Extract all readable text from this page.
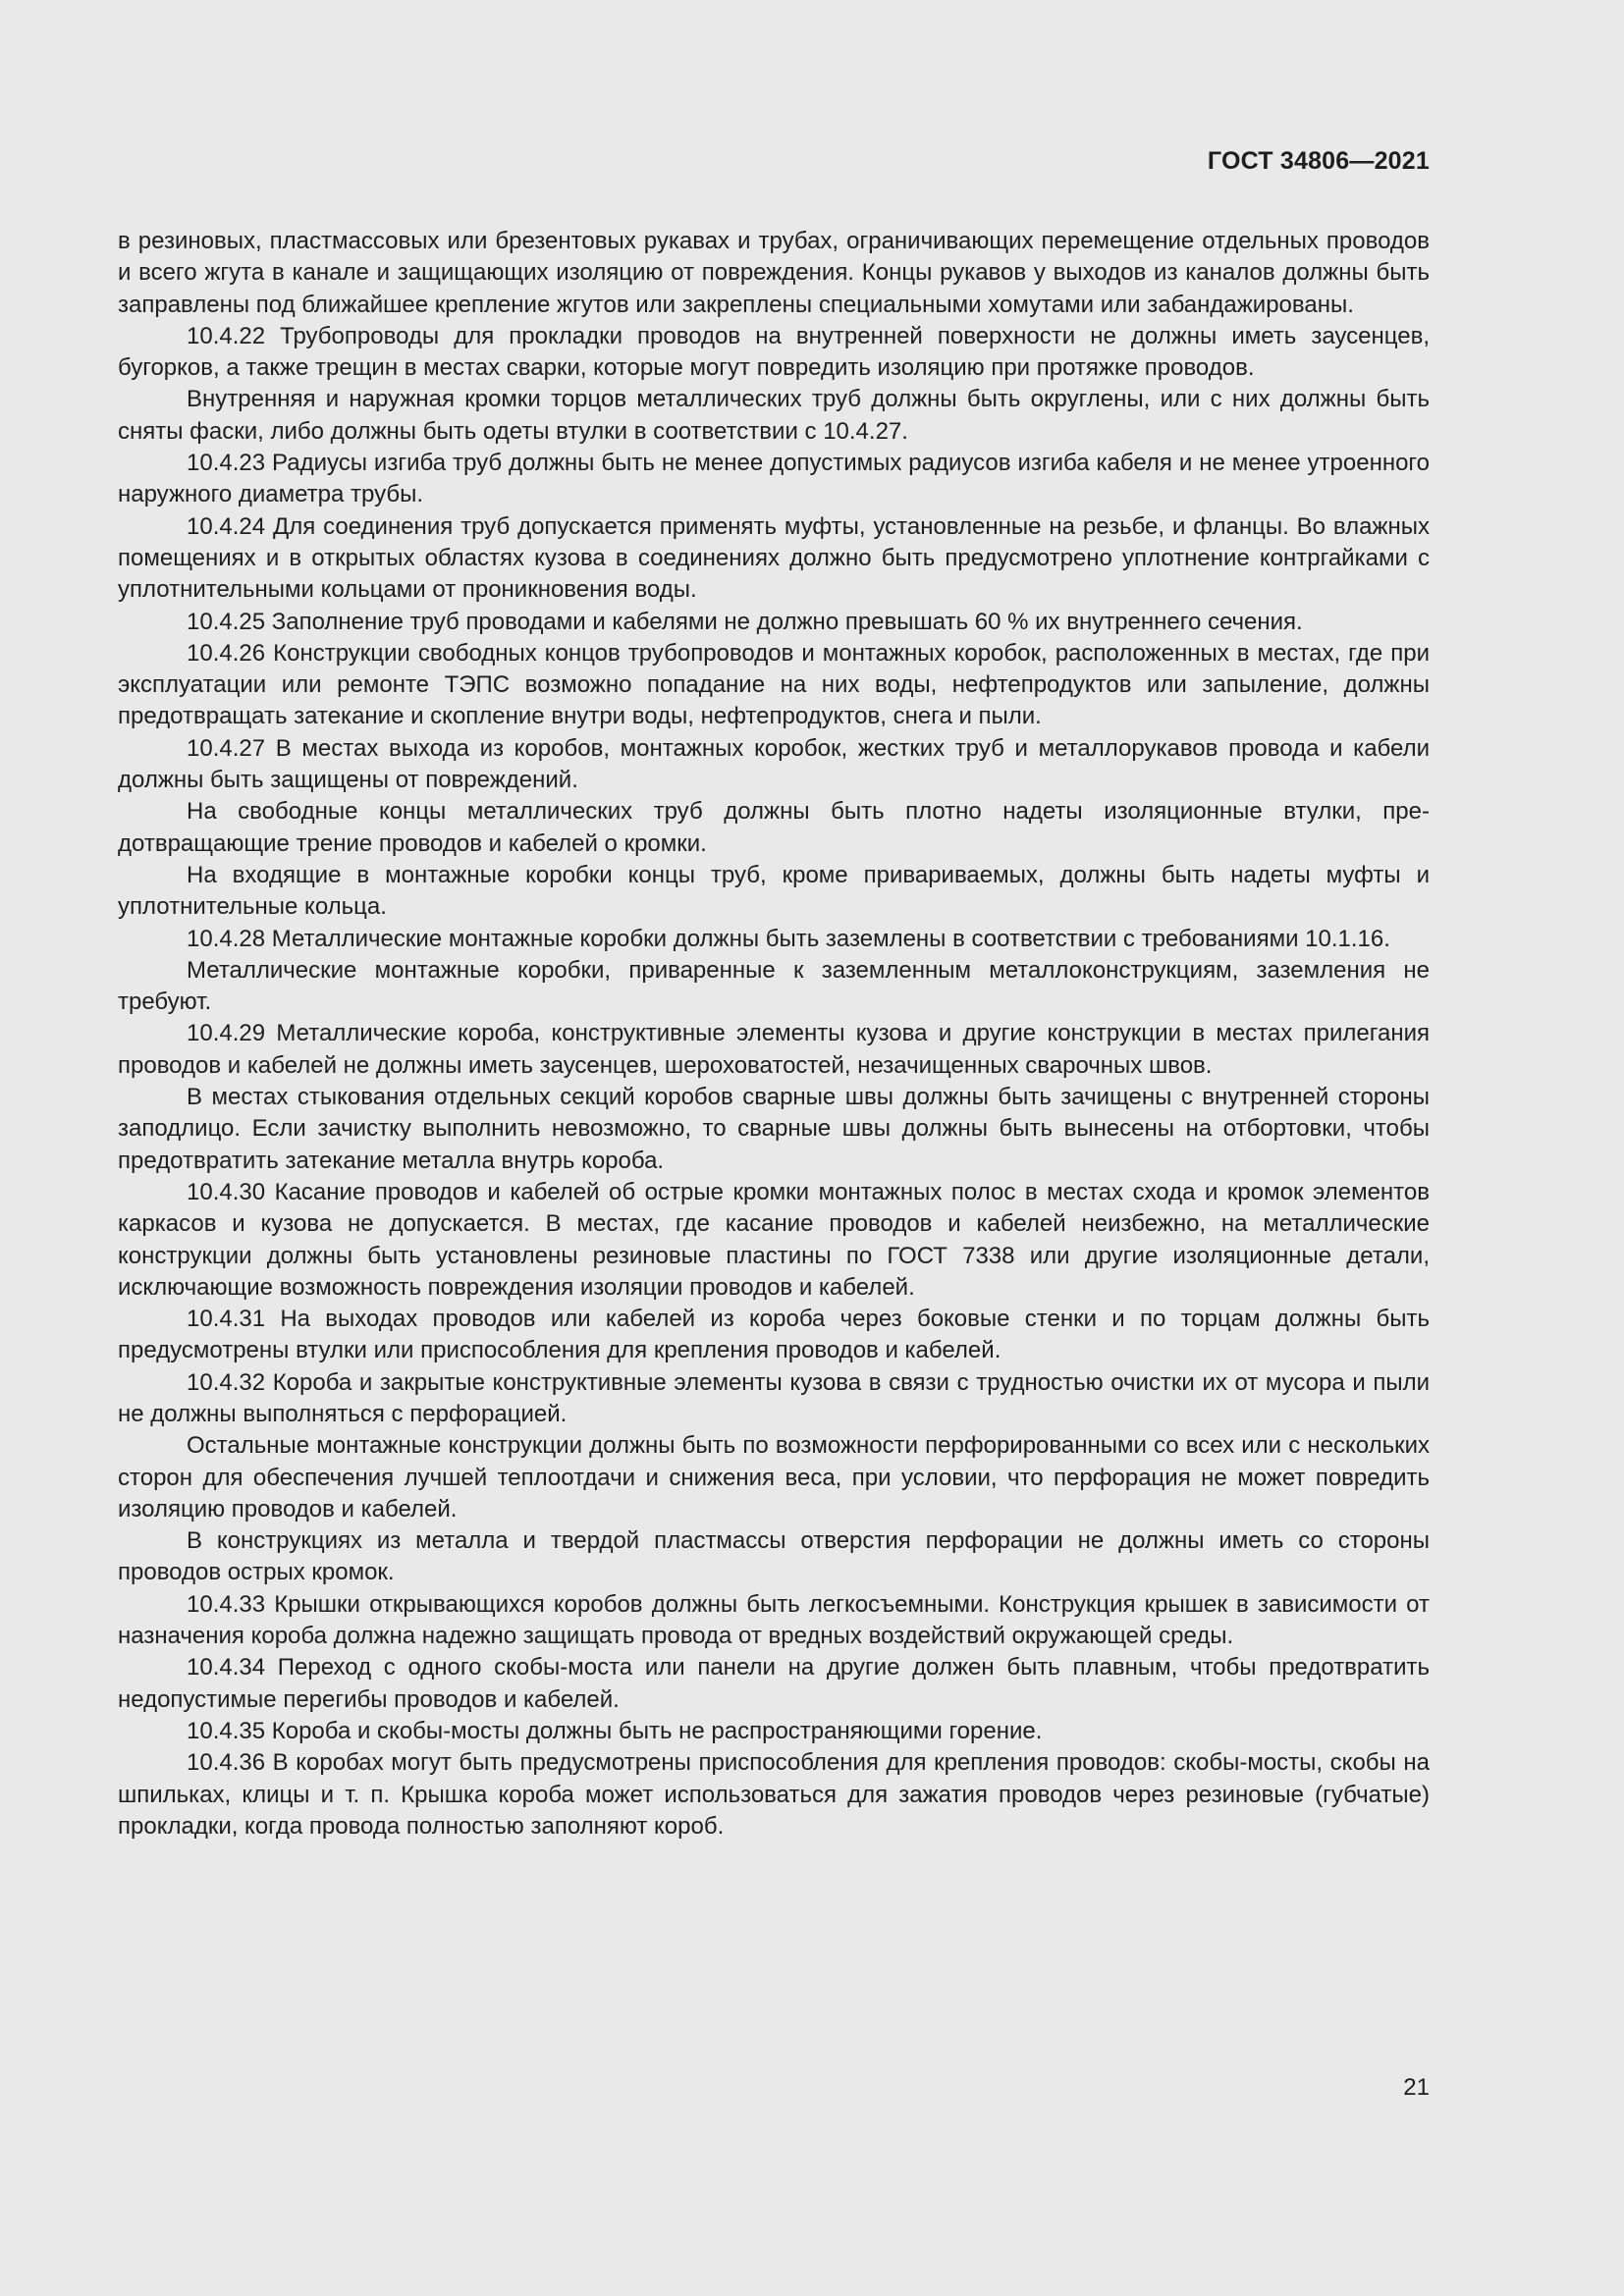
ГОСТ 34806—2021

в резиновых, пластмассовых или брезентовых рукавах и трубах, ограничивающих перемещение отдельных проводов и всего жгута в канале и защищающих изоляцию от повреждения. Концы рукавов у выходов из каналов должны быть заправлены под ближайшее крепление жгутов или закреплены специальными хомутами или забандажированы.

10.4.22 Трубопроводы для прокладки проводов на внутренней поверхности не должны иметь заусенцев, бугорков, а также трещин в местах сварки, которые могут повредить изоляцию при протяжке проводов.

Внутренняя и наружная кромки торцов металлических труб должны быть округлены, или с них должны быть сняты фаски, либо должны быть одеты втулки в соответствии с 10.4.27.

10.4.23 Радиусы изгиба труб должны быть не менее допустимых радиусов изгиба кабеля и не менее утроенного наружного диаметра трубы.

10.4.24 Для соединения труб допускается применять муфты, установленные на резьбе, и фланцы. Во влажных помещениях и в открытых областях кузова в соединениях должно быть предусмотрено уплотнение контргайками с уплотнительными кольцами от проникновения воды.

10.4.25 Заполнение труб проводами и кабелями не должно превышать 60 % их внутреннего сечения.

10.4.26 Конструкции свободных концов трубопроводов и монтажных коробок, расположенных в местах, где при эксплуатации или ремонте ТЭПС возможно попадание на них воды, нефтепродуктов или запыление, должны предотвращать затекание и скопление внутри воды, нефтепродуктов, снега и пыли.

10.4.27 В местах выхода из коробов, монтажных коробок, жестких труб и металлорукавов провода и кабели должны быть защищены от повреждений.

На свободные концы металлических труб должны быть плотно надеты изоляционные втулки, предотвращающие трение проводов и кабелей о кромки.

На входящие в монтажные коробки концы труб, кроме привариваемых, должны быть надеты муфты и уплотнительные кольца.

10.4.28 Металлические монтажные коробки должны быть заземлены в соответствии с требованиями 10.1.16.

Металлические монтажные коробки, приваренные к заземленным металлоконструкциям, заземления не требуют.

10.4.29 Металлические короба, конструктивные элементы кузова и другие конструкции в местах прилегания проводов и кабелей не должны иметь заусенцев, шероховатостей, незачищенных сварочных швов.

В местах стыкования отдельных секций коробов сварные швы должны быть зачищены с внутренней стороны заподлицо. Если зачистку выполнить невозможно, то сварные швы должны быть вынесены на отбортовки, чтобы предотвратить затекание металла внутрь короба.

10.4.30 Касание проводов и кабелей об острые кромки монтажных полос в местах схода и кромок элементов каркасов и кузова не допускается. В местах, где касание проводов и кабелей неизбежно, на металлические конструкции должны быть установлены резиновые пластины по ГОСТ 7338 или другие изоляционные детали, исключающие возможность повреждения изоляции проводов и кабелей.

10.4.31 На выходах проводов или кабелей из короба через боковые стенки и по торцам должны быть предусмотрены втулки или приспособления для крепления проводов и кабелей.

10.4.32 Короба и закрытые конструктивные элементы кузова в связи с трудностью очистки их от мусора и пыли не должны выполняться с перфорацией.

Остальные монтажные конструкции должны быть по возможности перфорированными со всех или с нескольких сторон для обеспечения лучшей теплоотдачи и снижения веса, при условии, что перфорация не может повредить изоляцию проводов и кабелей.

В конструкциях из металла и твердой пластмассы отверстия перфорации не должны иметь со стороны проводов острых кромок.

10.4.33 Крышки открывающихся коробов должны быть легкосъемными. Конструкция крышек в зависимости от назначения короба должна надежно защищать провода от вредных воздействий окружающей среды.

10.4.34 Переход с одного скобы-моста или панели на другие должен быть плавным, чтобы предотвратить недопустимые перегибы проводов и кабелей.

10.4.35 Короба и скобы-мосты должны быть не распространяющими горение.

10.4.36 В коробах могут быть предусмотрены приспособления для крепления проводов: скобы-мосты, скобы на шпильках, клицы и т. п. Крышка короба может использоваться для зажатия проводов через резиновые (губчатые) прокладки, когда провода полностью заполняют короб.

21
